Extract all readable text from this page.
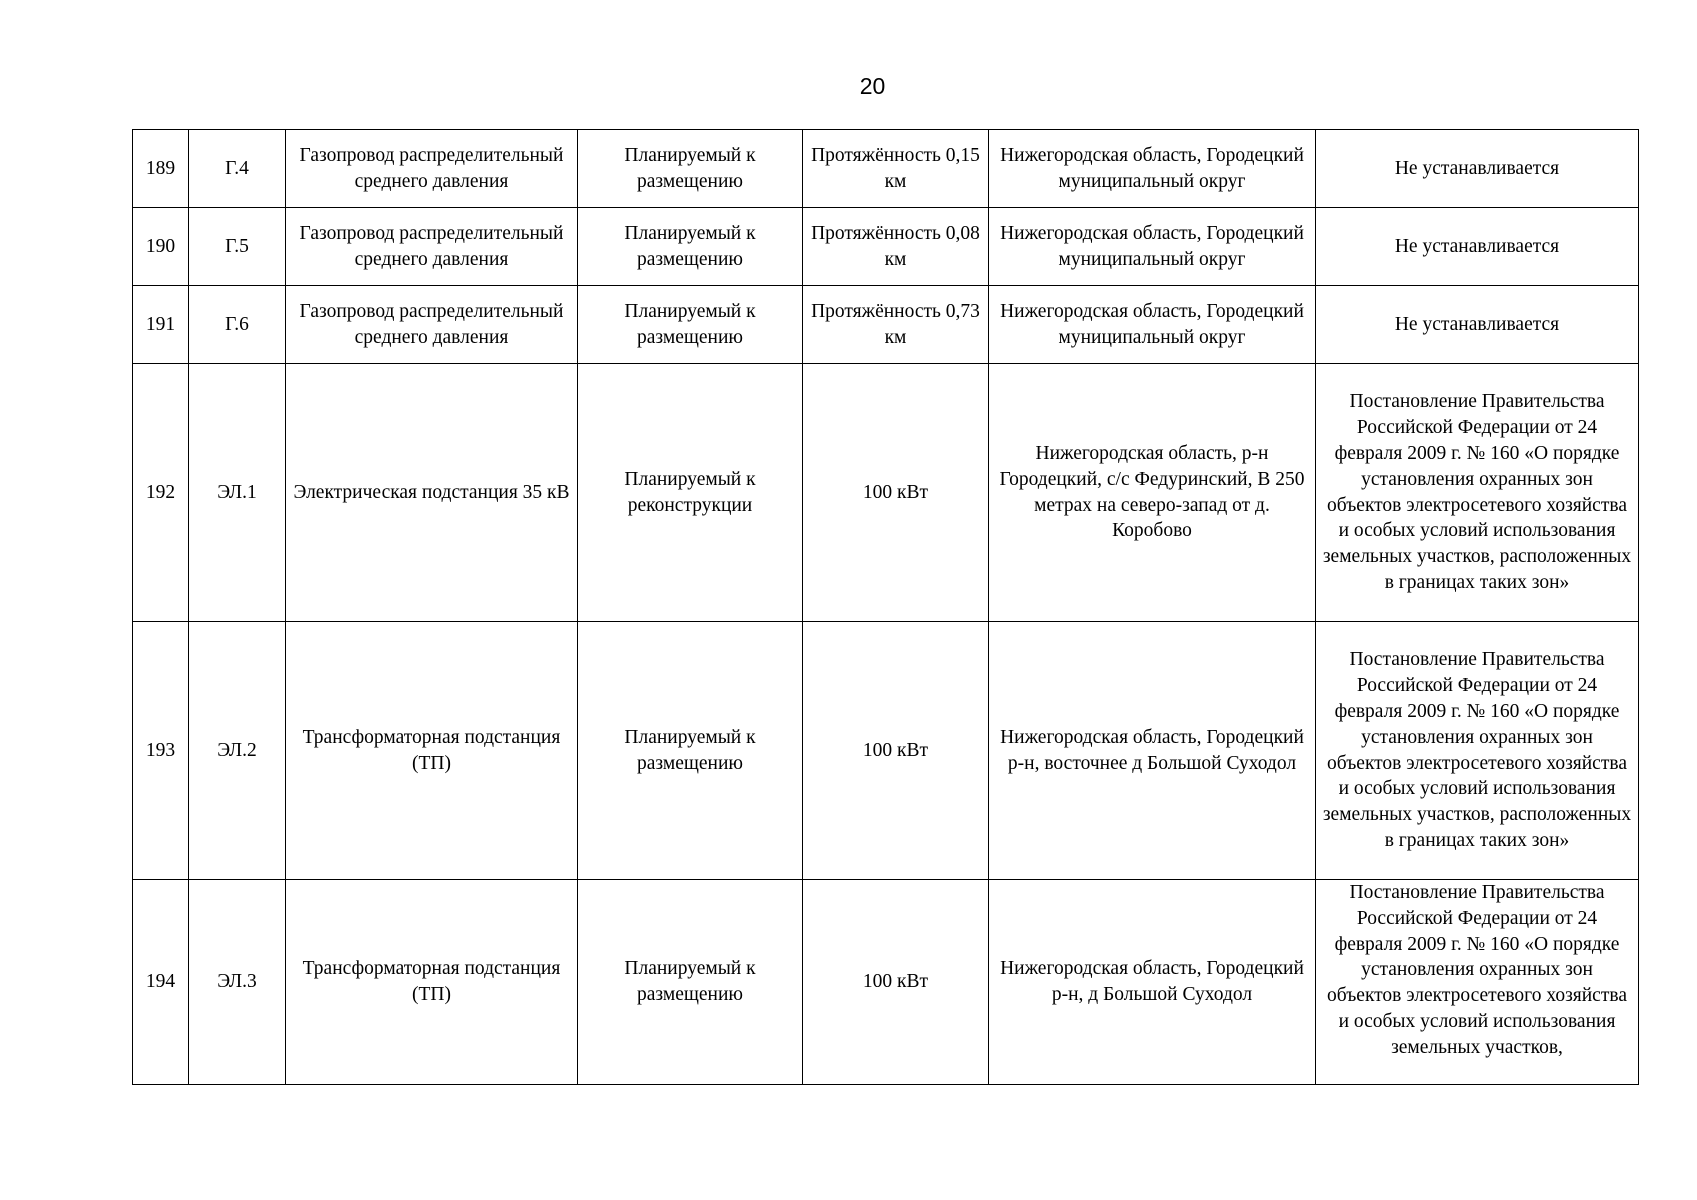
20
189	Г.4	Газопровод распределительный среднего давления	Планируемый к размещению	Протяжённость 0,15 км	Нижегородская область, Городецкий муниципальный округ	Не устанавливается
190	Г.5	Газопровод распределительный среднего давления	Планируемый к размещению	Протяжённость 0,08 км	Нижегородская область, Городецкий муниципальный округ	Не устанавливается
191	Г.6	Газопровод распределительный среднего давления	Планируемый к размещению	Протяжённость 0,73 км	Нижегородская область, Городецкий муниципальный округ	Не устанавливается
192	ЭЛ.1	Электрическая подстанция 35 кВ	Планируемый к реконструкции	100 кВт	Нижегородская область, р-н Городецкий, с/с Федуринский, В 250 метрах на северо-запад от д. Коробово	Постановление Правительства Российской Федерации от 24 февраля 2009 г. № 160 «О порядке установления охранных зон объектов электросетевого хозяйства и особых условий использования земельных участков, расположенных в границах таких зон»
193	ЭЛ.2	Трансформаторная подстанция (ТП)	Планируемый к размещению	100 кВт	Нижегородская область, Городецкий р-н, восточнее д Большой Суходол	Постановление Правительства Российской Федерации от 24 февраля 2009 г. № 160 «О порядке установления охранных зон объектов электросетевого хозяйства и особых условий использования земельных участков, расположенных в границах таких зон»
194	ЭЛ.3	Трансформаторная подстанция (ТП)	Планируемый к размещению	100 кВт	Нижегородская область, Городецкий р-н, д Большой Суходол	Постановление Правительства Российской Федерации от 24 февраля 2009 г. № 160 «О порядке установления охранных зон объектов электросетевого хозяйства и особых условий использования земельных участков,
